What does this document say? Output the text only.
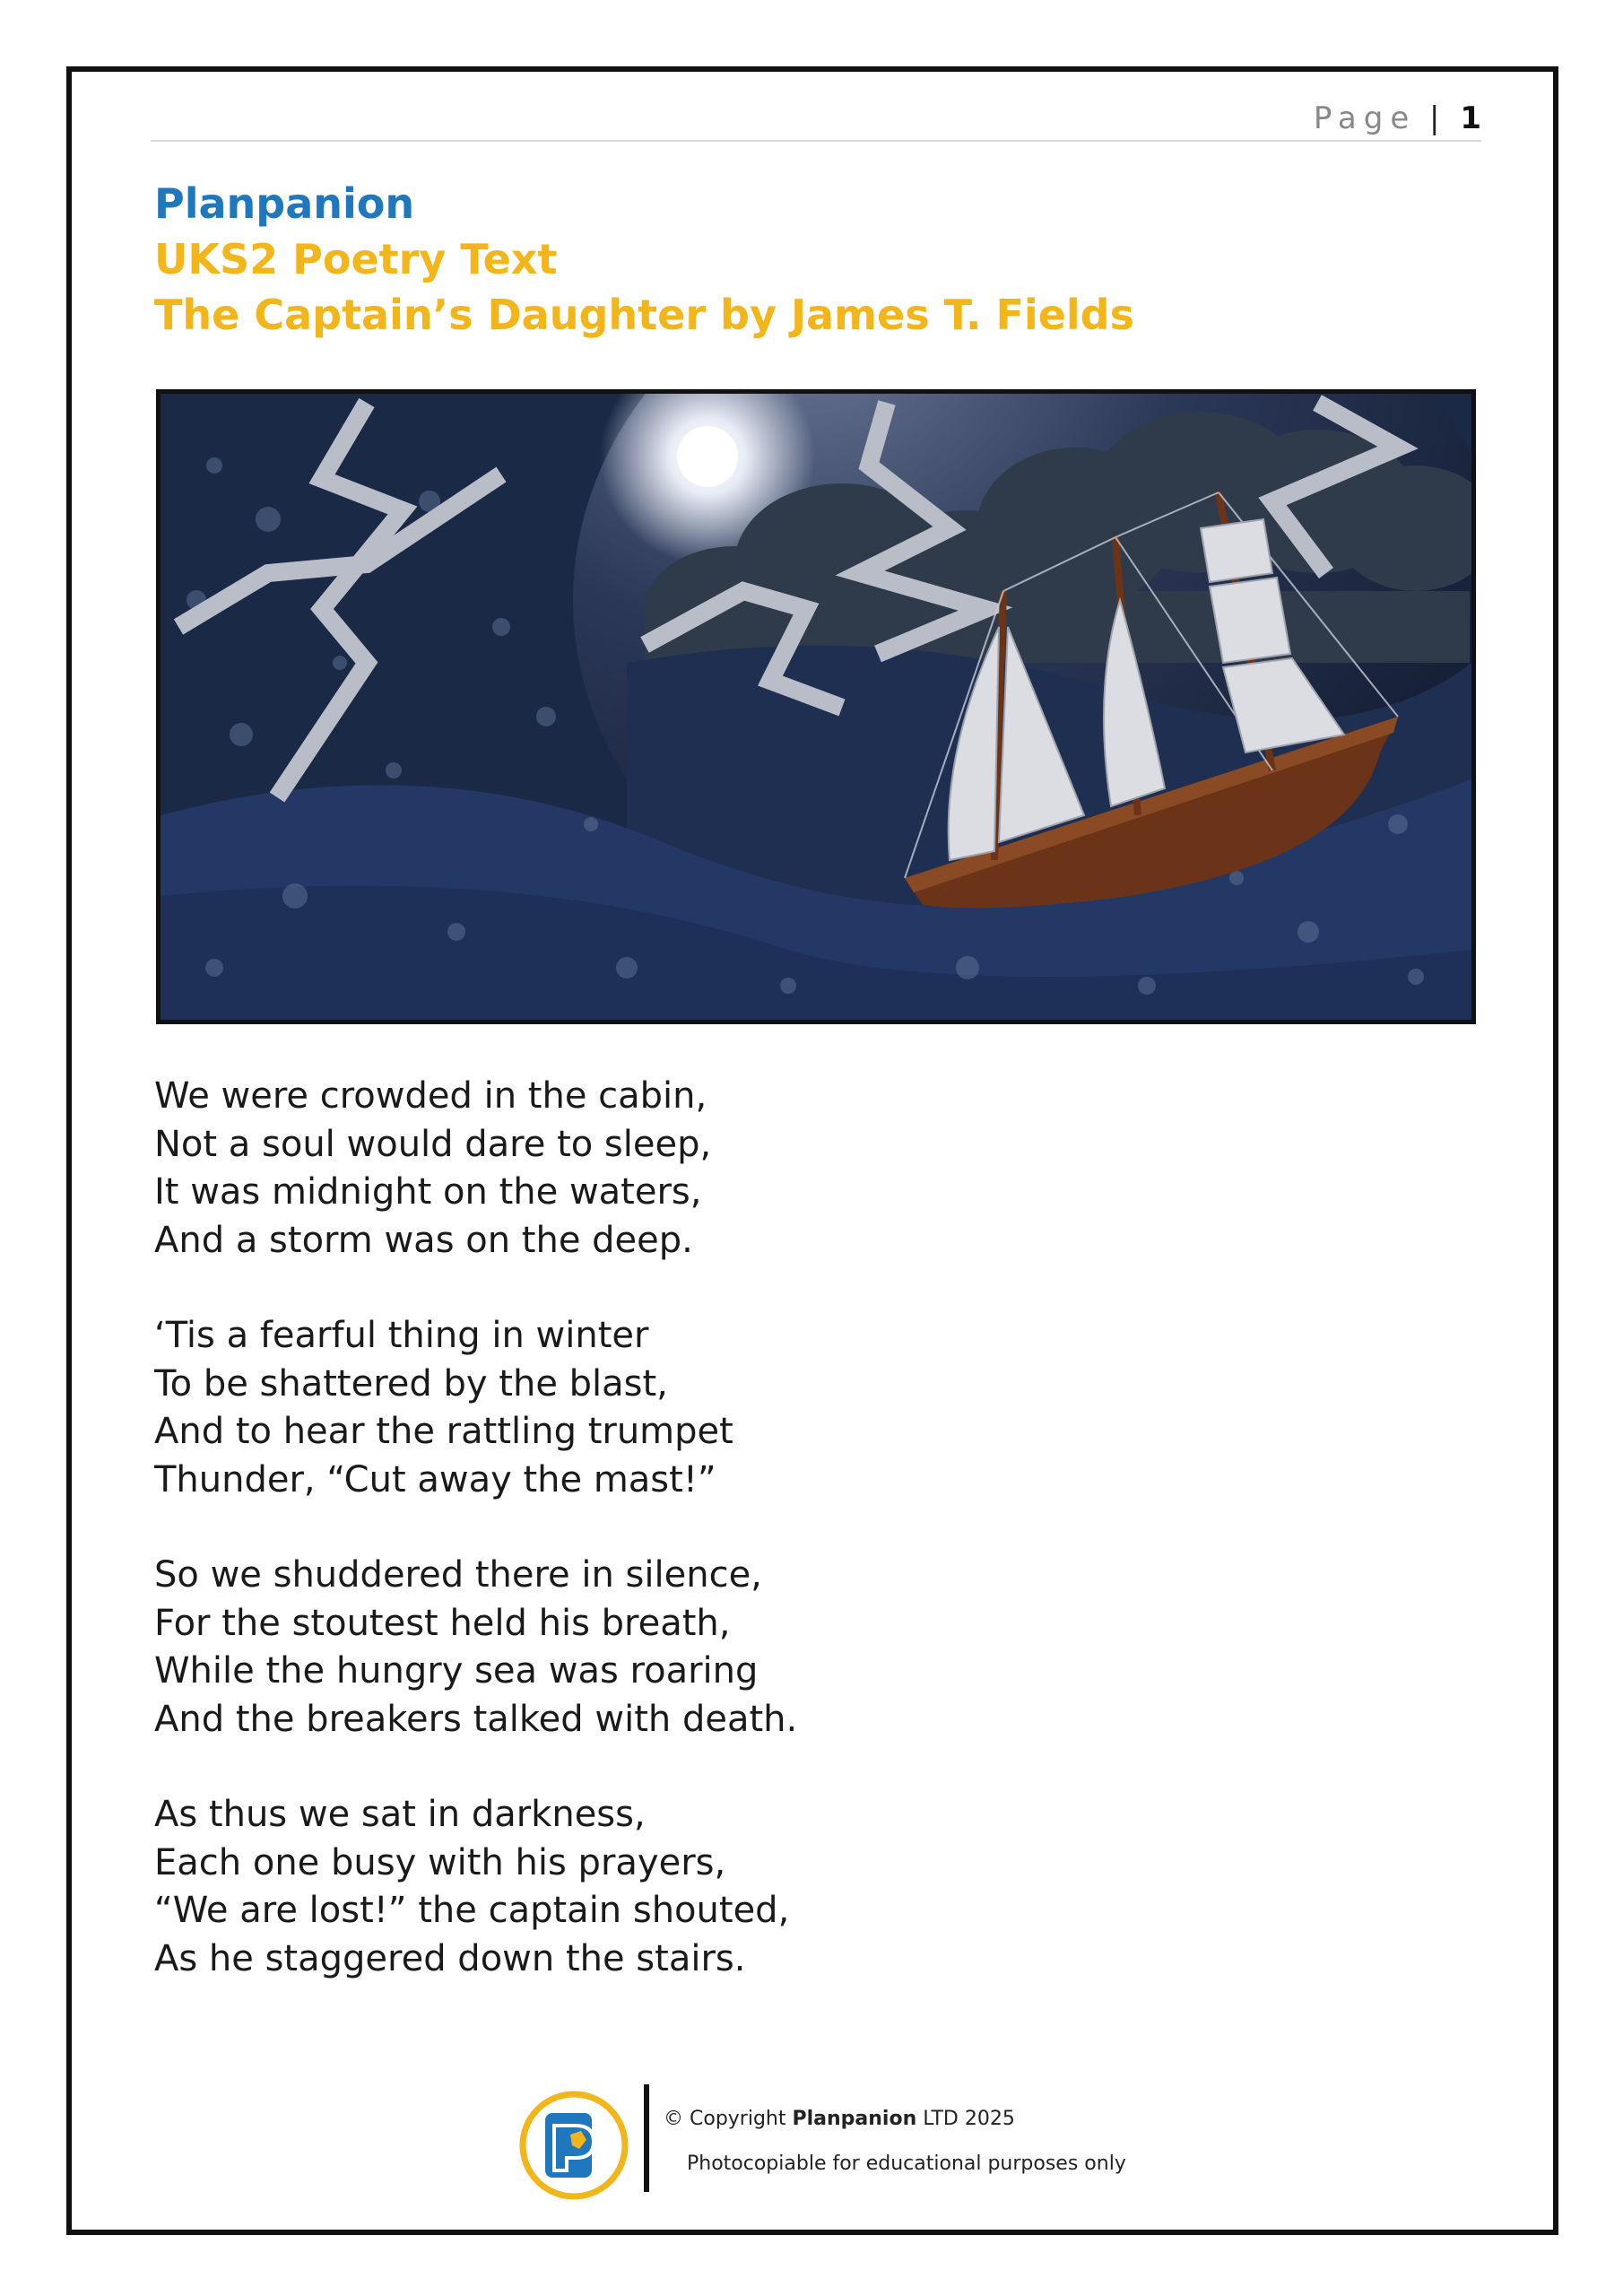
Page | 1
Planpanion
UKS2 Poetry Text
The Captain’s Daughter by James T. Fields
We were crowded in the cabin,
Not a soul would dare to sleep,
It was midnight on the waters,
And a storm was on the deep.
‘Tis a fearful thing in winter
To be shattered by the blast,
And to hear the rattling trumpet
Thunder, “Cut away the mast!”
So we shuddered there in silence,
For the stoutest held his breath,
While the hungry sea was roaring
And the breakers talked with death.
As thus we sat in darkness,
Each one busy with his prayers,
“We are lost!” the captain shouted,
As he staggered down the stairs.
© Copyright Planpanion LTD 2025
Photocopiable for educational purposes only
